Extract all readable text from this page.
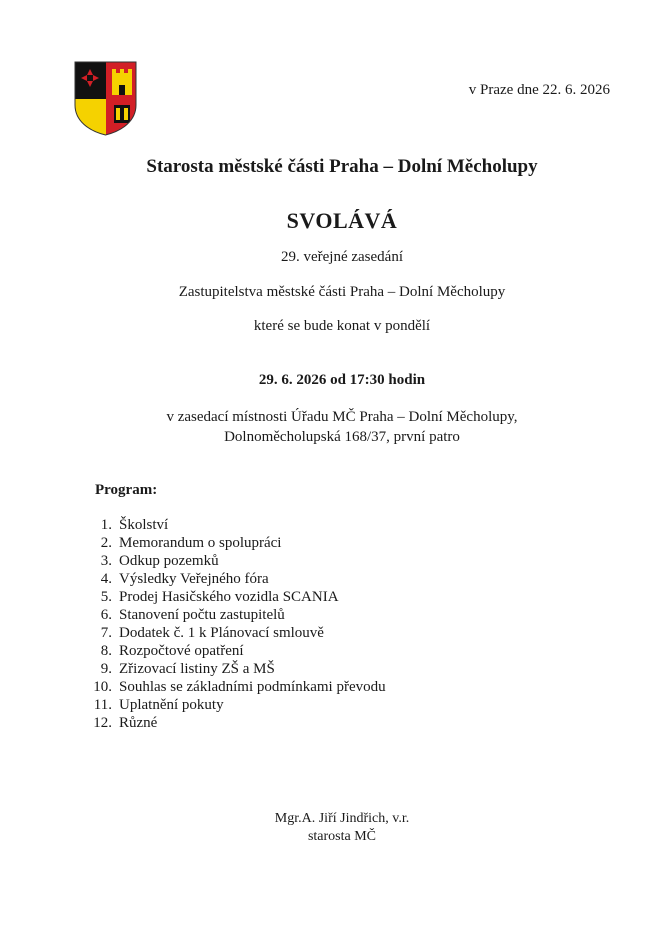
v Praze dne 22. 6. 2026
Starosta městské části Praha – Dolní Měcholupy
SVOLÁVÁ
29. veřejné zasedání
Zastupitelstva městské části Praha – Dolní Měcholupy
které se bude konat v pondělí
29. 6. 2026 od 17:30 hodin
v zasedací místnosti Úřadu MČ Praha – Dolní Měcholupy,
Dolnoměcholupská 168/37, první patro
Program:
1. Školství
2. Memorandum o spolupráci
3. Odkup pozemků
4. Výsledky Veřejného fóra
5. Prodej Hasičského vozidla SCANIA
6. Stanovení počtu zastupitelů
7. Dodatek č. 1 k Plánovací smlouvě
8. Rozpočtové opatření
9. Zřizovací listiny ZŠ a MŠ
10. Souhlas se základními podmínkami převodu
11. Uplatnění pokuty
12. Různé
Mgr.A. Jiří Jindřich, v.r.
starosta MČ
